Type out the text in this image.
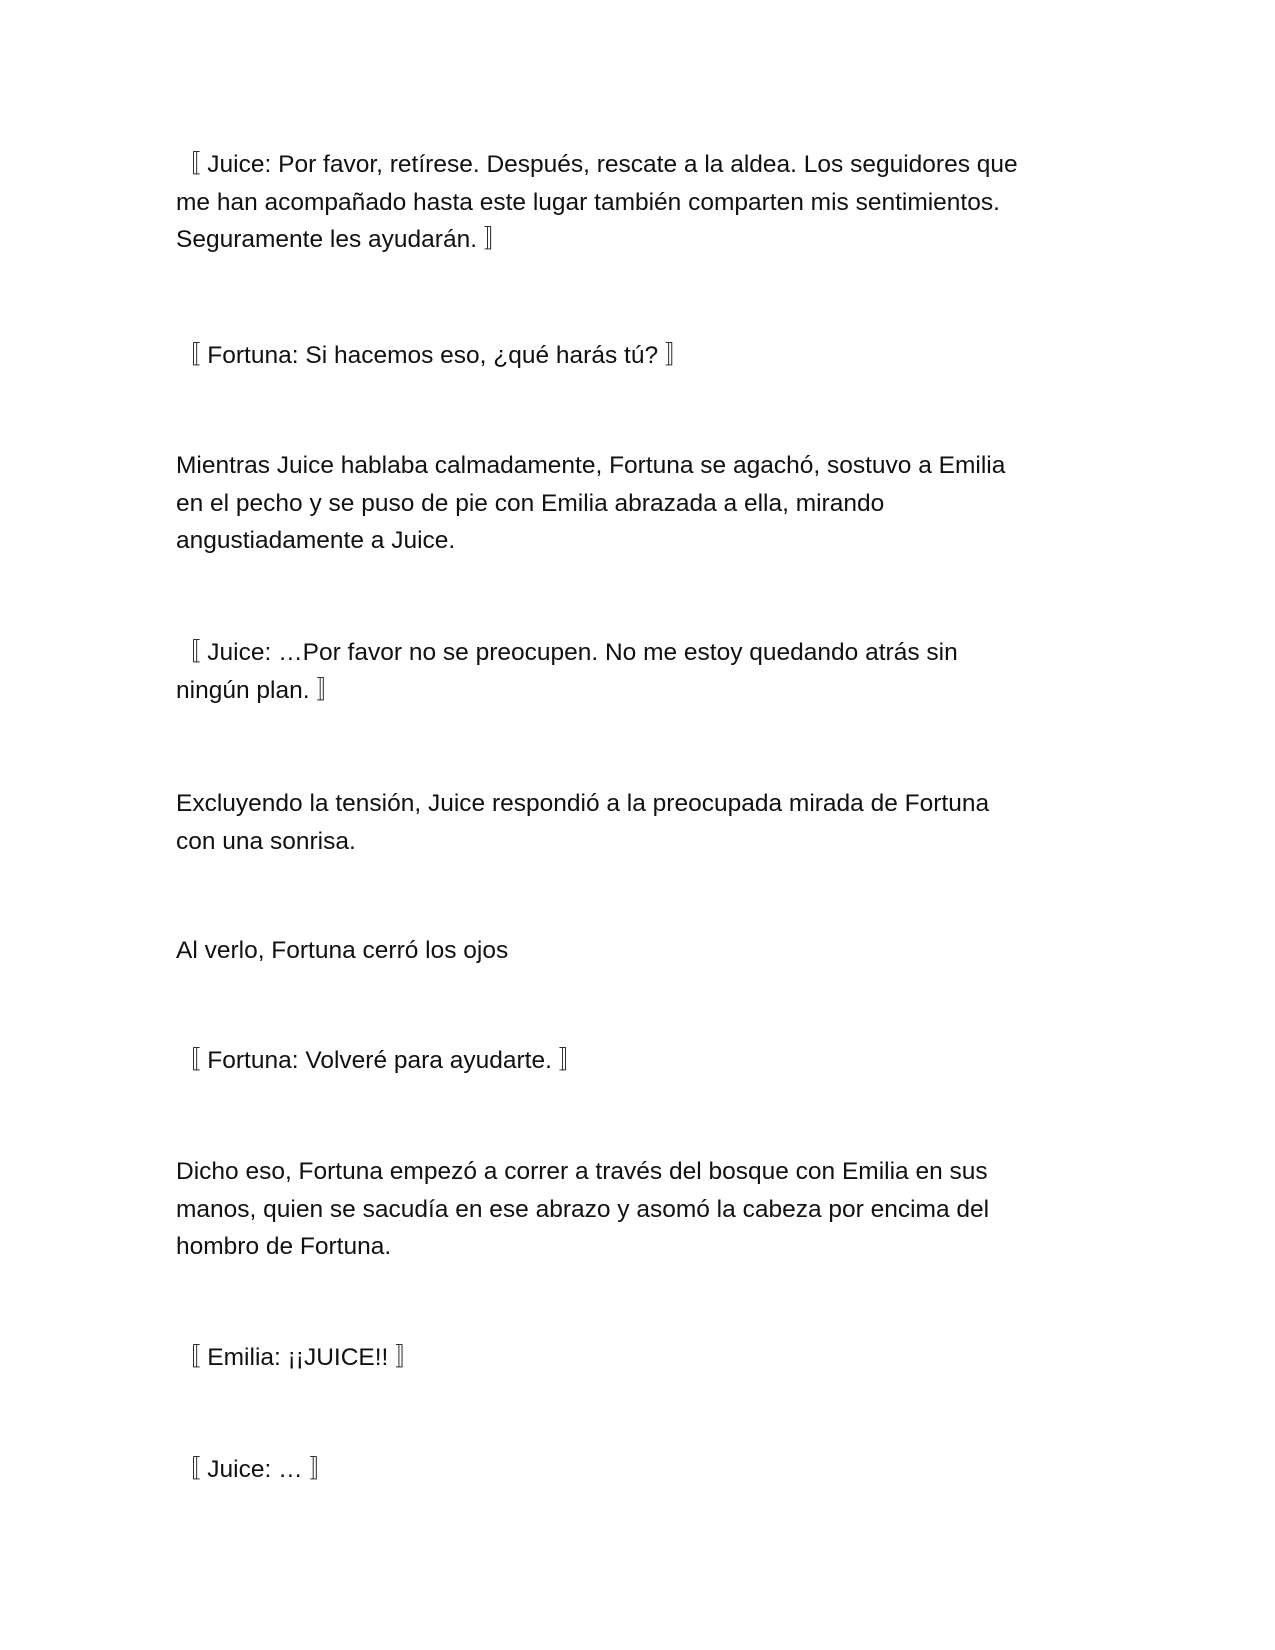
〚 Juice: Por favor, retírese. Después, rescate a la aldea. Los seguidores que
me han acompañado hasta este lugar también comparten mis sentimientos.
Seguramente les ayudarán. 〛

〚 Fortuna: Si hacemos eso, ¿qué harás tú? 〛

Mientras Juice hablaba calmadamente, Fortuna se agachó, sostuvo a Emilia
en el pecho y se puso de pie con Emilia abrazada a ella, mirando
angustiadamente a Juice.

〚 Juice: …Por favor no se preocupen. No me estoy quedando atrás sin
ningún plan. 〛

Excluyendo la tensión, Juice respondió a la preocupada mirada de Fortuna
con una sonrisa.

Al verlo, Fortuna cerró los ojos

〚 Fortuna: Volveré para ayudarte. 〛

Dicho eso, Fortuna empezó a correr a través del bosque con Emilia en sus
manos, quien se sacudía en ese abrazo y asomó la cabeza por encima del
hombro de Fortuna.

〚 Emilia: ¡¡JUICE!! 〛

〚 Juice: … 〛
